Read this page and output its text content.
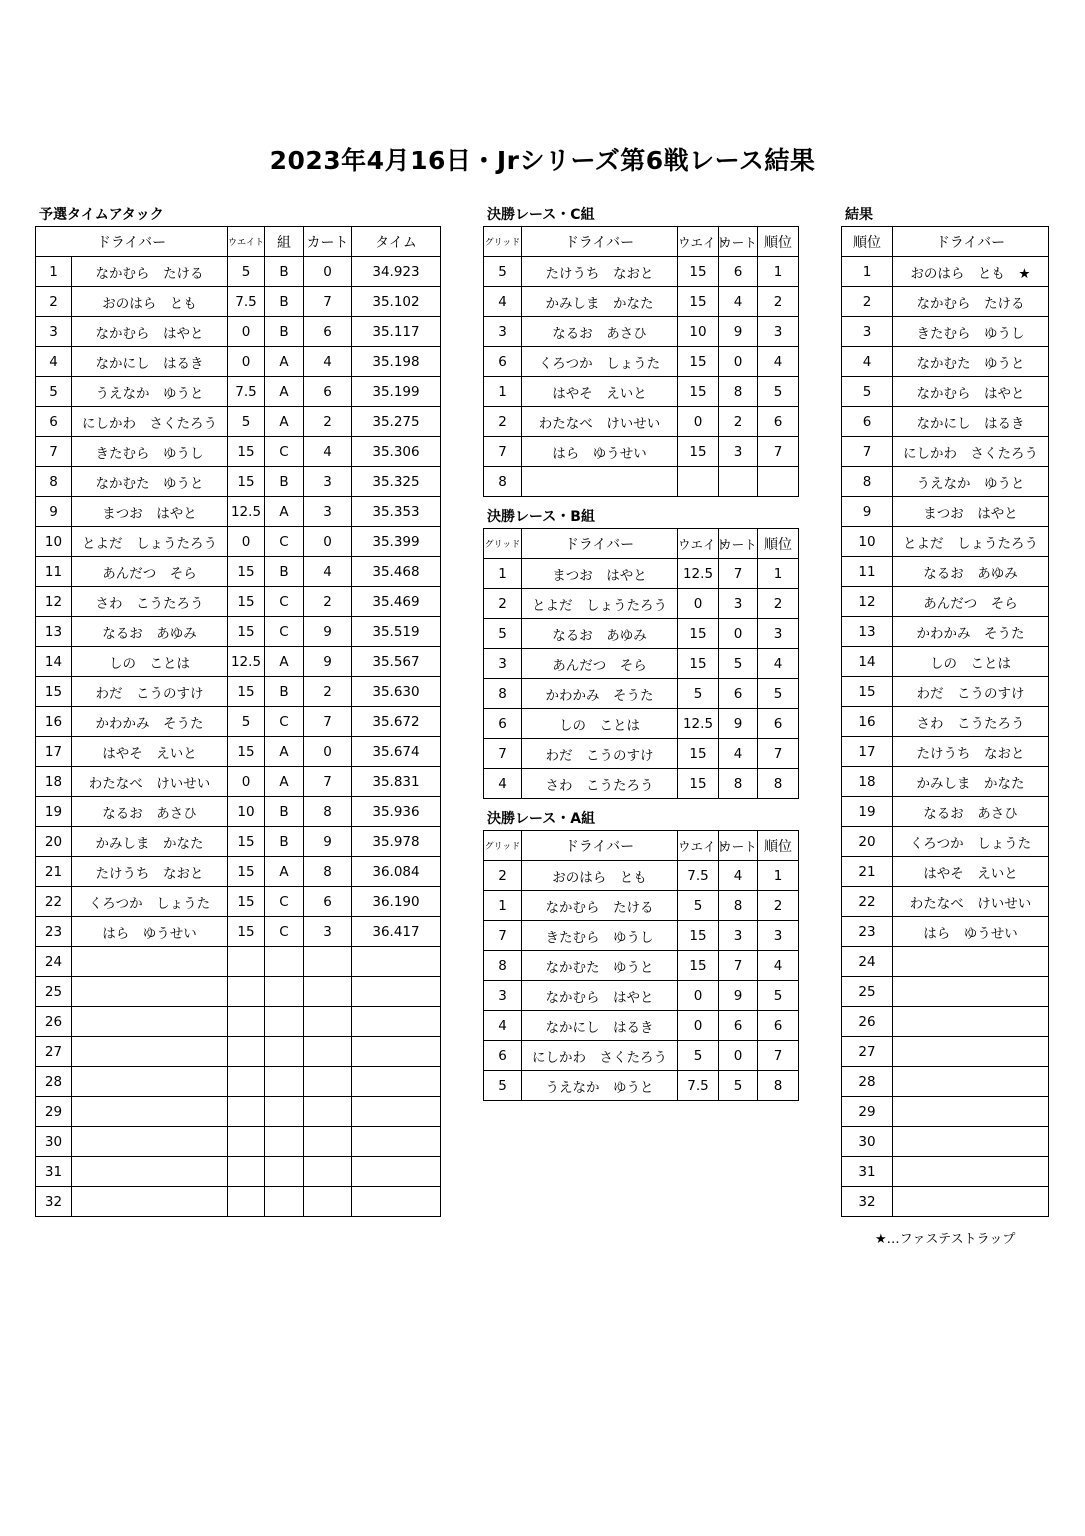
2023年4月16日・Jrシリーズ第6戦レース結果
予選タイムアタック
ドライバー		ウエイト	組	カート	タイム
1	なかむら　たける	5	B	0	34.923
2	おのはら　とも	7.5	B	7	35.102
3	なかむら　はやと	0	B	6	35.117
4	なかにし　はるき	0	A	4	35.198
5	うえなか　ゆうと	7.5	A	6	35.199
6	にしかわ　さくたろう	5	A	2	35.275
7	きたむら　ゆうし	15	C	4	35.306
8	なかむた　ゆうと	15	B	3	35.325
9	まつお　はやと	12.5	A	3	35.353
10	とよだ　しょうたろう	0	C	0	35.399
11	あんだつ　そら	15	B	4	35.468
12	さわ　こうたろう	15	C	2	35.469
13	なるお　あゆみ	15	C	9	35.519
14	しの　ことは	12.5	A	9	35.567
15	わだ　こうのすけ	15	B	2	35.630
16	かわかみ　そうた	5	C	7	35.672
17	はやそ　えいと	15	A	0	35.674
18	わたなべ　けいせい	0	A	7	35.831
19	なるお　あさひ	10	B	8	35.936
20	かみしま　かなた	15	B	9	35.978
21	たけうち　なおと	15	A	8	36.084
22	くろつか　しょうた	15	C	6	36.190
23	はら　ゆうせい	15	C	3	36.417
24					
25					
26					
27					
28					
29					
30					
31					
32					
決勝レース・C組
グリッド	ドライバー	ウエイト	カート	順位
5	たけうち　なおと	15	6	1
4	かみしま　かなた	15	4	2
3	なるお　あさひ	10	9	3
6	くろつか　しょうた	15	0	4
1	はやそ　えいと	15	8	5
2	わたなべ　けいせい	0	2	6
7	はら　ゆうせい	15	3	7
8				
決勝レース・B組
グリッド	ドライバー	ウエイト	カート	順位
1	まつお　はやと	12.5	7	1
2	とよだ　しょうたろう	0	3	2
5	なるお　あゆみ	15	0	3
3	あんだつ　そら	15	5	4
8	かわかみ　そうた	5	6	5
6	しの　ことは	12.5	9	6
7	わだ　こうのすけ	15	4	7
4	さわ　こうたろう	15	8	8
決勝レース・A組
グリッド	ドライバー	ウエイト	カート	順位
2	おのはら　とも	7.5	4	1
1	なかむら　たける	5	8	2
7	きたむら　ゆうし	15	3	3
8	なかむた　ゆうと	15	7	4
3	なかむら　はやと	0	9	5
4	なかにし　はるき	0	6	6
6	にしかわ　さくたろう	5	0	7
5	うえなか　ゆうと	7.5	5	8
結果
順位	ドライバー
1	おのはら　とも　★
2	なかむら　たける
3	きたむら　ゆうし
4	なかむた　ゆうと
5	なかむら　はやと
6	なかにし　はるき
7	にしかわ　さくたろう
8	うえなか　ゆうと
9	まつお　はやと
10	とよだ　しょうたろう
11	なるお　あゆみ
12	あんだつ　そら
13	かわかみ　そうた
14	しの　ことは
15	わだ　こうのすけ
16	さわ　こうたろう
17	たけうち　なおと
18	かみしま　かなた
19	なるお　あさひ
20	くろつか　しょうた
21	はやそ　えいと
22	わたなべ　けいせい
23	はら　ゆうせい
24	
25	
26	
27	
28	
29	
30	
31	
32	
★…ファステストラップ
